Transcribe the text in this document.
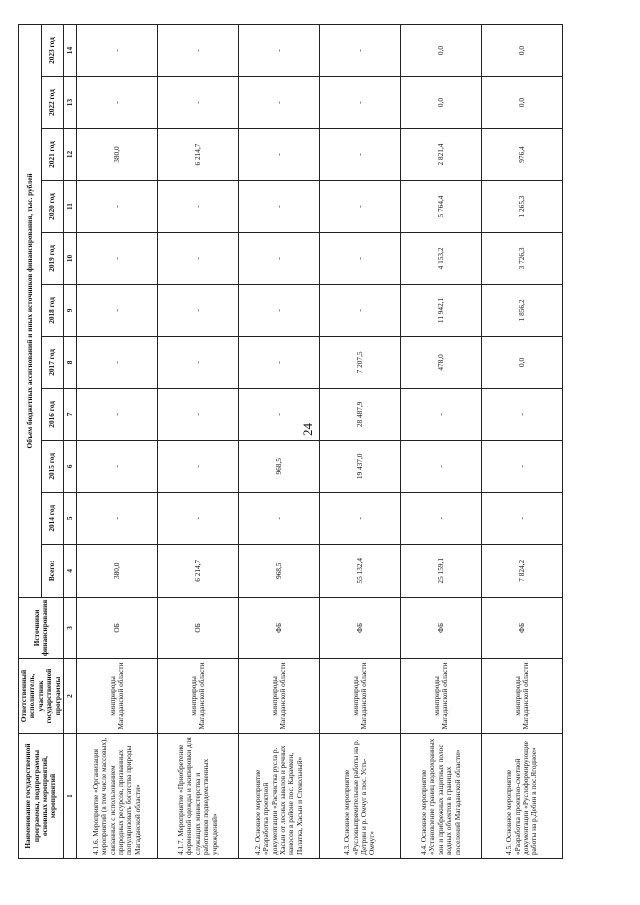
24
Наименование государственной программы, подпрограммы основных мероприятий, мероприятий	Ответственный исполнитель, участник государственной программы	Источники финансирования	Объем бюджетных ассигнований и иных источников финансирования, тыс. рублей										
			Всего:	2014 год	2015 год	2016 год	2017 год	2018 год	2019 год	2020 год	2021 год	2022 год	2023 год
1	2	3	4	5	6	7	8	9	10	11	12	13	14
4.1.6. Мероприятие «Организация мероприятий (в том числе массовых), связанных с использованием природных ресурсов, призванных популяризовать богатства природы Магаданской области»	минприроды Магаданской области	ОБ	380,0	-	-	-	-	-	-	-	380,0	-	-
4.1.7. Мероприятие «Приобретение форменной одежды и экипировки для служащих министерства и работников подведомственных учреждений»	минприроды Магаданской области	ОБ	6 214,7	-	-	-	-	-	-	-	6 214,7	-	-
4.2. Основное мероприятие «Разработка проектной документации «Расчистка русла р. Хасын от лесных завалов и речных наносов в районе пос. Карамкен, Палатка, Хасын и Стекольный»	минприроды Магаданской области	ФБ	968,5	-	968,5	-	-	-	-	-	-	-	-
4.3. Основное мероприятие «Русловыпрямительные работы на р. Детрин и р. Омчуг в пос. Усть-Омчуг»	минприроды Магаданской области	ФБ	55 132,4	-	19 437,0	28 487,9	7 207,5	-	-	-	-	-	-
4.4. Основное мероприятие «Установление границ водоохранных зон и прибрежных защитных полос водных объектов в границах поселений Магаданской области»	минприроды Магаданской области	ФБ	25 159,1	-	-	-	478,0	11 942,1	4 153,2	5 764,4	2 821,4	0,0	0,0
4.5. Основное мероприятие «Разработка проектно-сметной документации «Руслоформирующие работы на р.Дебин в пос.Ягодное»	минприроды Магаданской области	ФБ	7 824,2	-	-	-	0,0	1 856,2	3 726,3	1 265,3	976,4	0,0	0,0
